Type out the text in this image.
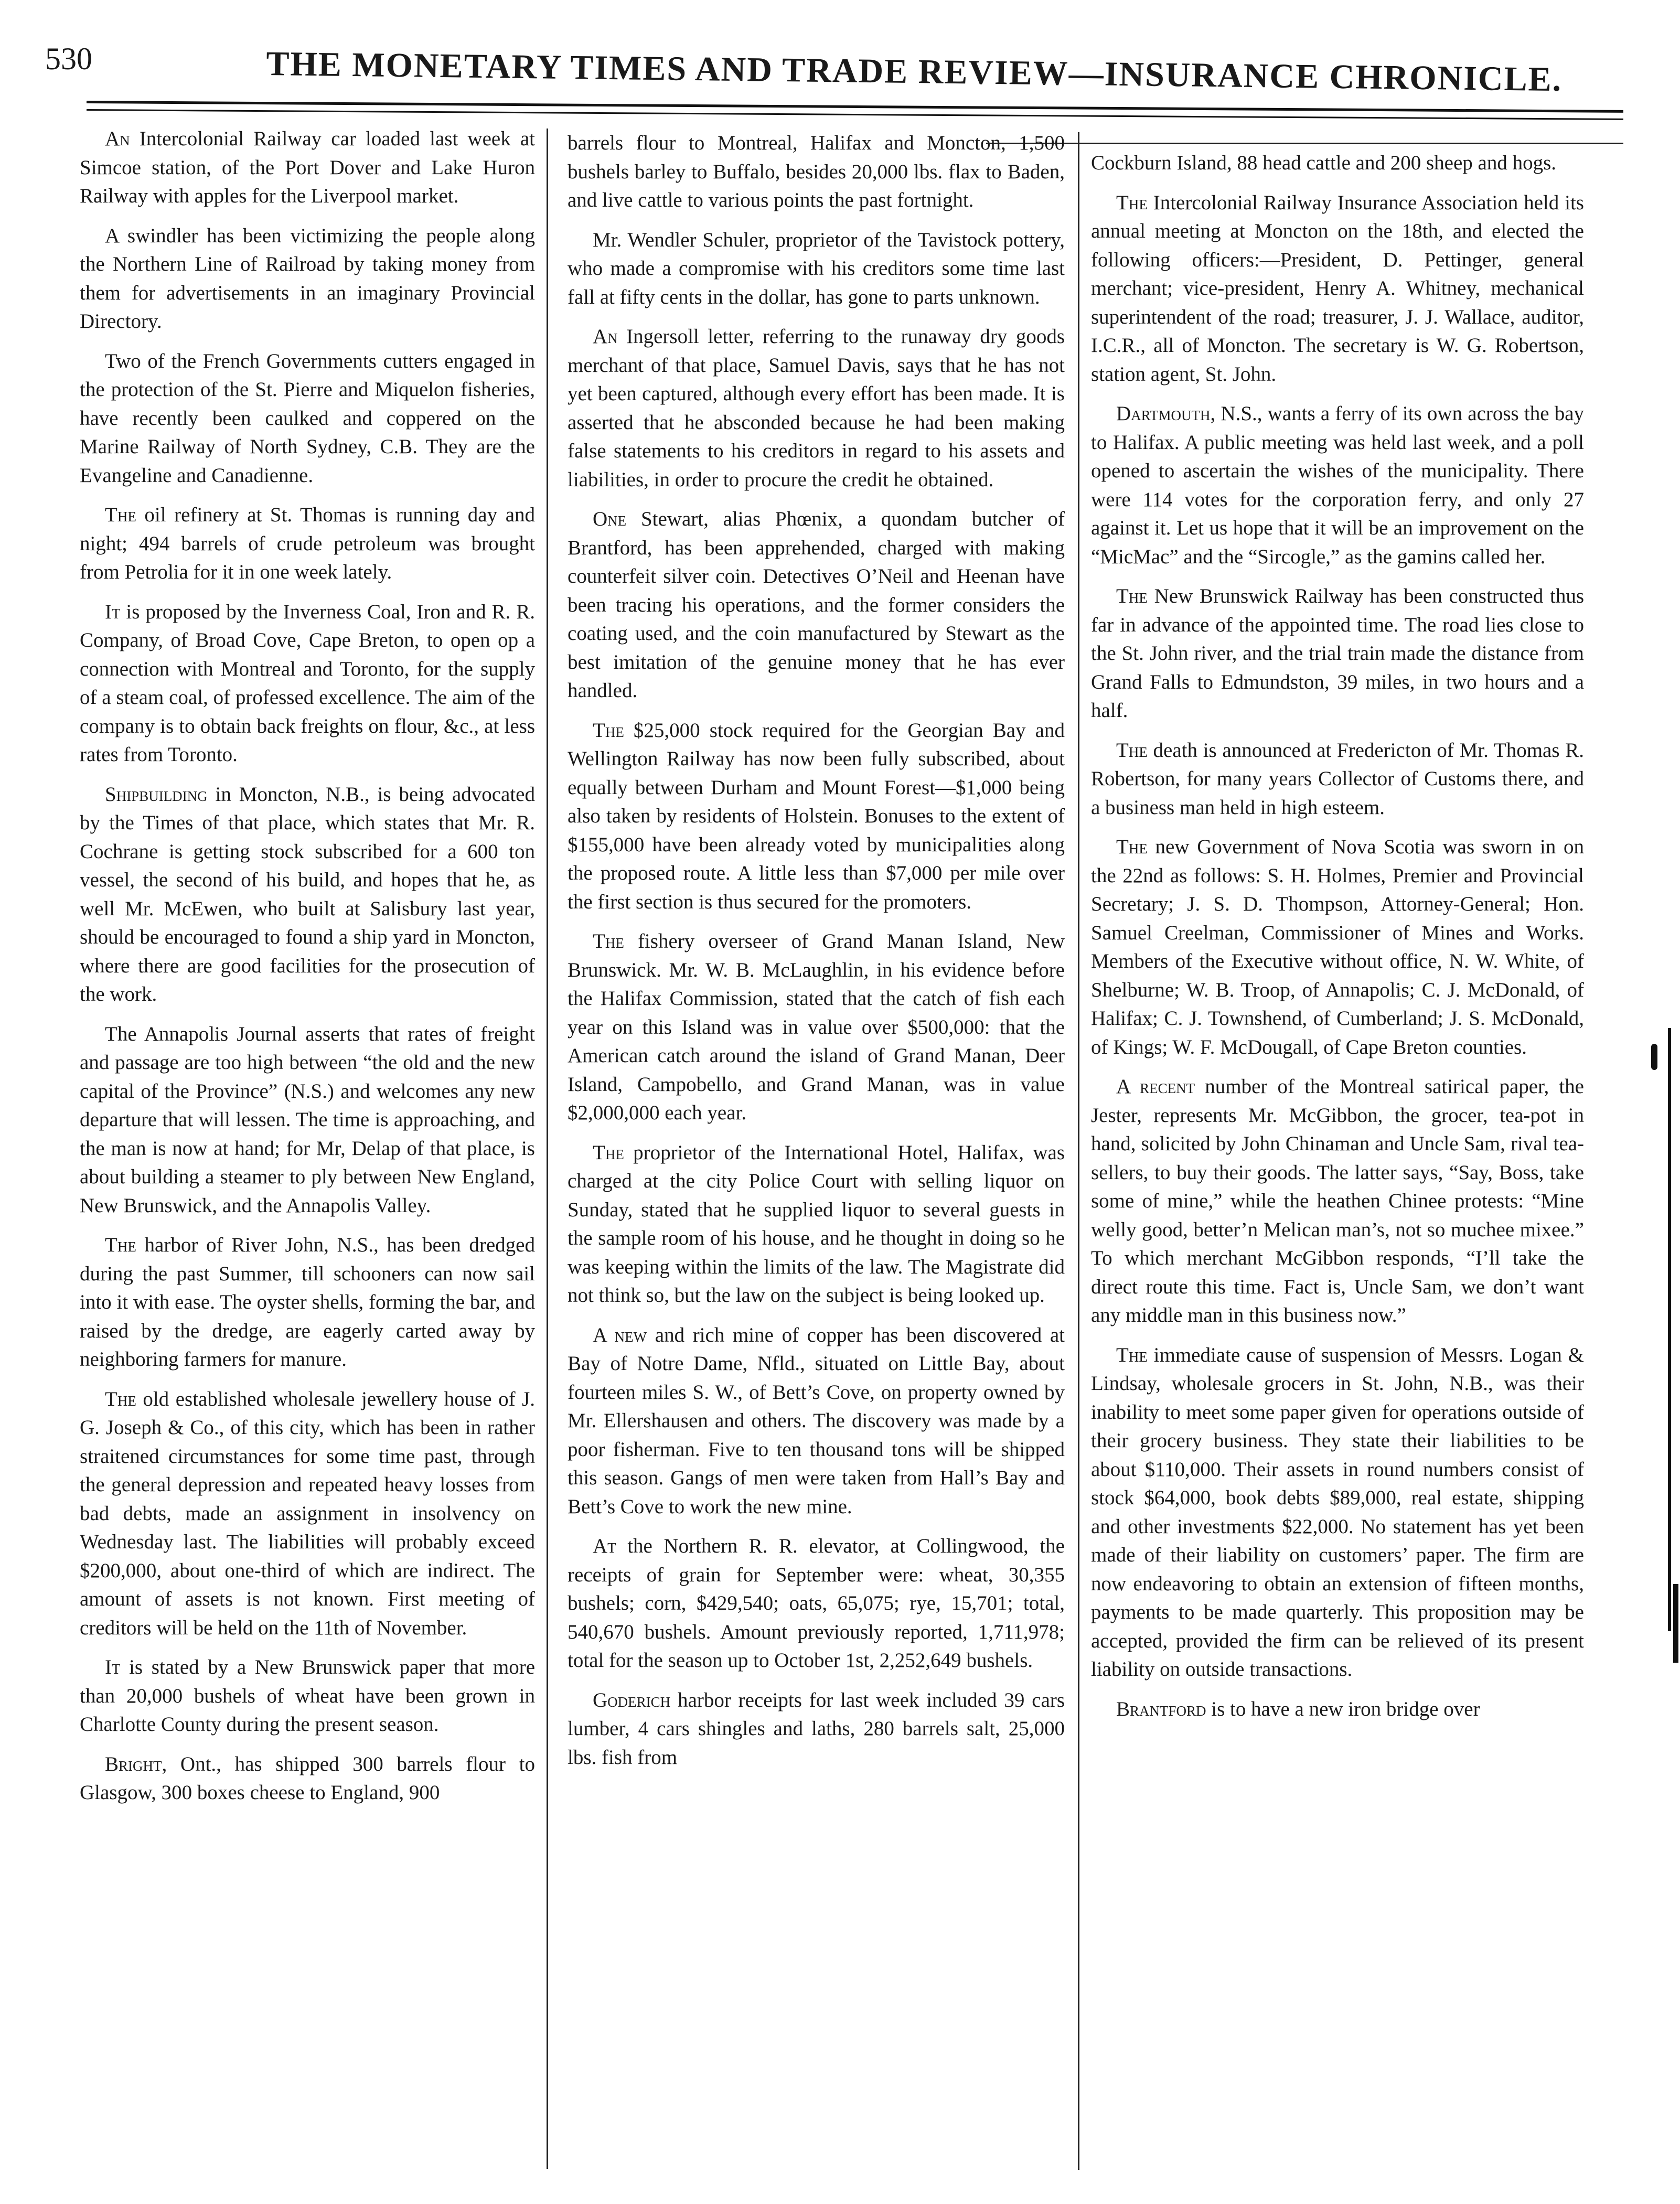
530	THE MONETARY TIMES AND TRADE REVIEW—INSURANCE CHRONICLE.

An Intercolonial Railway car loaded last week at Simcoe station, of the Port Dover and Lake Huron Railway with apples for the Liverpool market.

A swindler has been victimizing the people along the Northern Line of Railroad by taking money from them for advertisements in an imaginary Provincial Directory.

Two of the French Governments cutters engaged in the protection of the St. Pierre and Miquelon fisheries, have recently been caulked and coppered on the Marine Railway of North Sydney, C.B. They are the Evangeline and Canadienne.

The oil refinery at St. Thomas is running day and night; 494 barrels of crude petroleum was brought from Petrolia for it in one week lately.

It is proposed by the Inverness Coal, Iron and R. R. Company, of Broad Cove, Cape Breton, to open op a connection with Montreal and Toronto, for the supply of a steam coal, of professed excellence. The aim of the company is to obtain back freights on flour, &c., at less rates from Toronto.

Shipbuilding in Moncton, N.B., is being advocated by the Times of that place, which states that Mr. R. Cochrane is getting stock subscribed for a 600 ton vessel, the second of his build, and hopes that he, as well Mr. McEwen, who built at Salisbury last year, should be encouraged to found a ship yard in Moncton, where there are good facilities for the prosecution of the work.

The Annapolis Journal asserts that rates of freight and passage are too high between “the old and the new capital of the Province” (N.S.) and welcomes any new departure that will lessen. The time is approaching, and the man is now at hand; for Mr, Delap of that place, is about building a steamer to ply between New England, New Brunswick, and the Annapolis Valley.

The harbor of River John, N.S., has been dredged during the past Summer, till schooners can now sail into it with ease. The oyster shells, forming the bar, and raised by the dredge, are eagerly carted away by neighboring farmers for manure.

The old established wholesale jewellery house of J. G. Joseph & Co., of this city, which has been in rather straitened circumstances for some time past, through the general depression and repeated heavy losses from bad debts, made an assignment in insolvency on Wednesday last. The liabilities will probably exceed $200,000, about one-third of which are indirect. The amount of assets is not known. First meeting of creditors will be held on the 11th of November.

It is stated by a New Brunswick paper that more than 20,000 bushels of wheat have been grown in Charlotte County during the present season.

Bright, Ont., has shipped 300 barrels flour to Glasgow, 300 boxes cheese to England, 900

barrels flour to Montreal, Halifax and Moncton, 1,500 bushels barley to Buffalo, besides 20,000 lbs. flax to Baden, and live cattle to various points the past fortnight.

Mr. Wendler Schuler, proprietor of the Tavistock pottery, who made a compromise with his creditors some time last fall at fifty cents in the dollar, has gone to parts unknown.

An Ingersoll letter, referring to the runaway dry goods merchant of that place, Samuel Davis, says that he has not yet been captured, although every effort has been made. It is asserted that he absconded because he had been making false statements to his creditors in regard to his assets and liabilities, in order to procure the credit he obtained.

One Stewart, alias Phœnix, a quondam butcher of Brantford, has been apprehended, charged with making counterfeit silver coin. Detectives O’Neil and Heenan have been tracing his operations, and the former considers the coating used, and the coin manufactured by Stewart as the best imitation of the genuine money that he has ever handled.

The $25,000 stock required for the Georgian Bay and Wellington Railway has now been fully subscribed, about equally between Durham and Mount Forest—$1,000 being also taken by residents of Holstein. Bonuses to the extent of $155,000 have been already voted by municipalities along the proposed route. A little less than $7,000 per mile over the first section is thus secured for the promoters.

The fishery overseer of Grand Manan Island, New Brunswick. Mr. W. B. McLaughlin, in his evidence before the Halifax Commission, stated that the catch of fish each year on this Island was in value over $500,000: that the American catch around the island of Grand Manan, Deer Island, Campobello, and Grand Manan, was in value $2,000,000 each year.

The proprietor of the International Hotel, Halifax, was charged at the city Police Court with selling liquor on Sunday, stated that he supplied liquor to several guests in the sample room of his house, and he thought in doing so he was keeping within the limits of the law. The Magistrate did not think so, but the law on the subject is being looked up.

A new and rich mine of copper has been discovered at Bay of Notre Dame, Nfld., situated on Little Bay, about fourteen miles S. W., of Bett’s Cove, on property owned by Mr. Ellershausen and others. The discovery was made by a poor fisherman. Five to ten thousand tons will be shipped this season. Gangs of men were taken from Hall’s Bay and Bett’s Cove to work the new mine.

At the Northern R. R. elevator, at Collingwood, the receipts of grain for September were: wheat, 30,355 bushels; corn, $429,540; oats, 65,075; rye, 15,701; total, 540,670 bushels. Amount previously reported, 1,711,978; total for the season up to October 1st, 2,252,649 bushels.

Goderich harbor receipts for last week included 39 cars lumber, 4 cars shingles and laths, 280 barrels salt, 25,000 lbs. fish from

Cockburn Island, 88 head cattle and 200 sheep and hogs.

The Intercolonial Railway Insurance Association held its annual meeting at Moncton on the 18th, and elected the following officers:—President, D. Pettinger, general merchant; vice-president, Henry A. Whitney, mechanical superintendent of the road; treasurer, J. J. Wallace, auditor, I.C.R., all of Moncton. The secretary is W. G. Robertson, station agent, St. John.

Dartmouth, N.S., wants a ferry of its own across the bay to Halifax. A public meeting was held last week, and a poll opened to ascertain the wishes of the municipality. There were 114 votes for the corporation ferry, and only 27 against it. Let us hope that it will be an improvement on the “MicMac” and the “Sircogle,” as the gamins called her.

The New Brunswick Railway has been constructed thus far in advance of the appointed time. The road lies close to the St. John river, and the trial train made the distance from Grand Falls to Edmundston, 39 miles, in two hours and a half.

The death is announced at Fredericton of Mr. Thomas R. Robertson, for many years Collector of Customs there, and a business man held in high esteem.

The new Government of Nova Scotia was sworn in on the 22nd as follows: S. H. Holmes, Premier and Provincial Secretary; J. S. D. Thompson, Attorney-General; Hon. Samuel Creelman, Commissioner of Mines and Works. Members of the Executive without office, N. W. White, of Shelburne; W. B. Troop, of Annapolis; C. J. McDonald, of Halifax; C. J. Townshend, of Cumberland; J. S. McDonald, of Kings; W. F. McDougall, of Cape Breton counties.

A recent number of the Montreal satirical paper, the Jester, represents Mr. McGibbon, the grocer, tea-pot in hand, solicited by John Chinaman and Uncle Sam, rival tea-sellers, to buy their goods. The latter says, “Say, Boss, take some of mine,” while the heathen Chinee protests: “Mine welly good, better’n Melican man’s, not so muchee mixee.” To which merchant McGibbon responds, “I’ll take the direct route this time. Fact is, Uncle Sam, we don’t want any middle man in this business now.”

The immediate cause of suspension of Messrs. Logan & Lindsay, wholesale grocers in St. John, N.B., was their inability to meet some paper given for operations outside of their grocery business. They state their liabilities to be about $110,000. Their assets in round numbers consist of stock $64,000, book debts $89,000, real estate, shipping and other investments $22,000. No statement has yet been made of their liability on customers’ paper. The firm are now endeavoring to obtain an extension of fifteen months, payments to be made quarterly. This proposition may be accepted, provided the firm can be relieved of its present liability on outside transactions.

Brantford is to have a new iron bridge over
